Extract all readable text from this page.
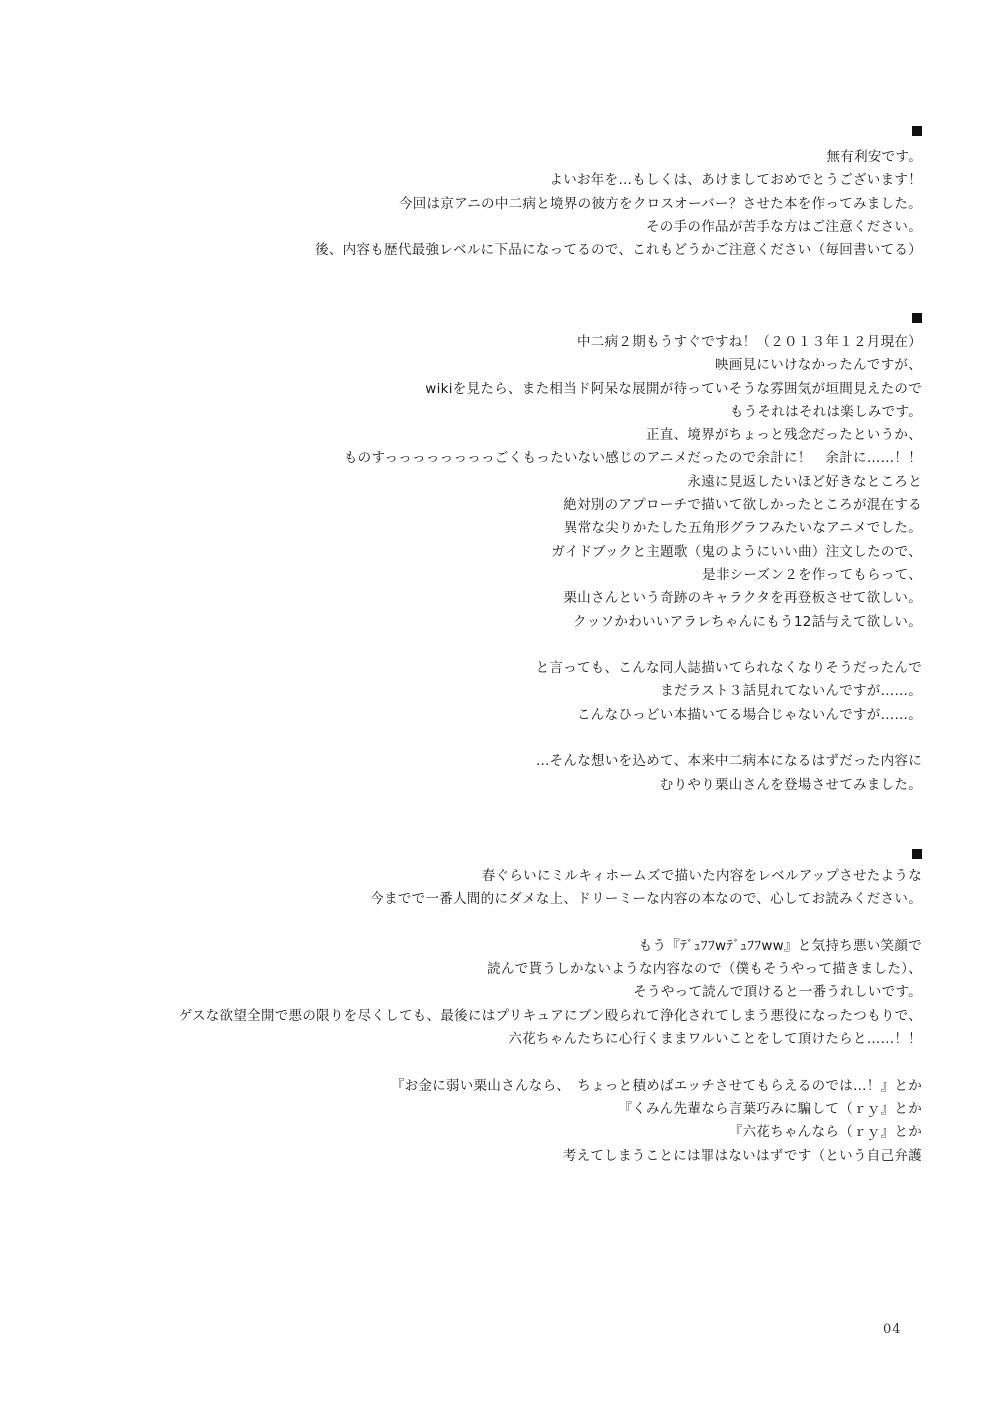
無有利安です。
よいお年を…もしくは、あけましておめでとうございます！
今回は京アニの中二病と境界の彼方をクロスオーバー？させた本を作ってみました。
その手の作品が苦手な方はご注意ください。
後、内容も歴代最強レベルに下品になってるので、これもどうかご注意ください（毎回書いてる）
中二病２期もうすぐですね！（２０１３年１２月現在）
映画見にいけなかったんですが、
wikiを見たら、また相当ド阿呆な展開が待っていそうな雰囲気が垣間見えたので
もうそれはそれは楽しみです。
正直、境界がちょっと残念だったというか、
ものすっっっっっっっっごくもったいない感じのアニメだったので余計に！　余計に……！！
永遠に見返したいほど好きなところと
絶対別のアプローチで描いて欲しかったところが混在する
異常な尖りかたした五角形グラフみたいなアニメでした。
ガイドブックと主題歌（鬼のようにいい曲）注文したので、
是非シーズン２を作ってもらって、
栗山さんという奇跡のキャラクタを再登板させて欲しい。
クッソかわいいアラレちゃんにもう12話与えて欲しい。
と言っても、こんな同人誌描いてられなくなりそうだったんで
まだラスト３話見れてないんですが……。
こんなひっどい本描いてる場合じゃないんですが……。
…そんな想いを込めて、本来中二病本になるはずだった内容に
むりやり栗山さんを登場させてみました。
春ぐらいにミルキィホームズで描いた内容をレベルアップさせたような
今までで一番人間的にダメな上、ドリーミーな内容の本なので、心してお読みください。
もう『ﾃﾞｭﾌﾌwﾃﾞｭﾌﾌww』と気持ち悪い笑顔で
読んで貰うしかないような内容なので（僕もそうやって描きました）、
そうやって読んで頂けると一番うれしいです。
ゲスな欲望全開で悪の限りを尽くしても、最後にはプリキュアにブン殴られて浄化されてしまう悪役になったつもりで、
六花ちゃんたちに心行くままワルいことをして頂けたらと……！！
『お金に弱い栗山さんなら、　ちょっと積めばエッチさせてもらえるのでは…！』とか
『くみん先輩なら言葉巧みに騙して（ｒｙ』とか
『六花ちゃんなら（ｒｙ』とか
考えてしまうことには罪はないはずです（という自己弁護
04
